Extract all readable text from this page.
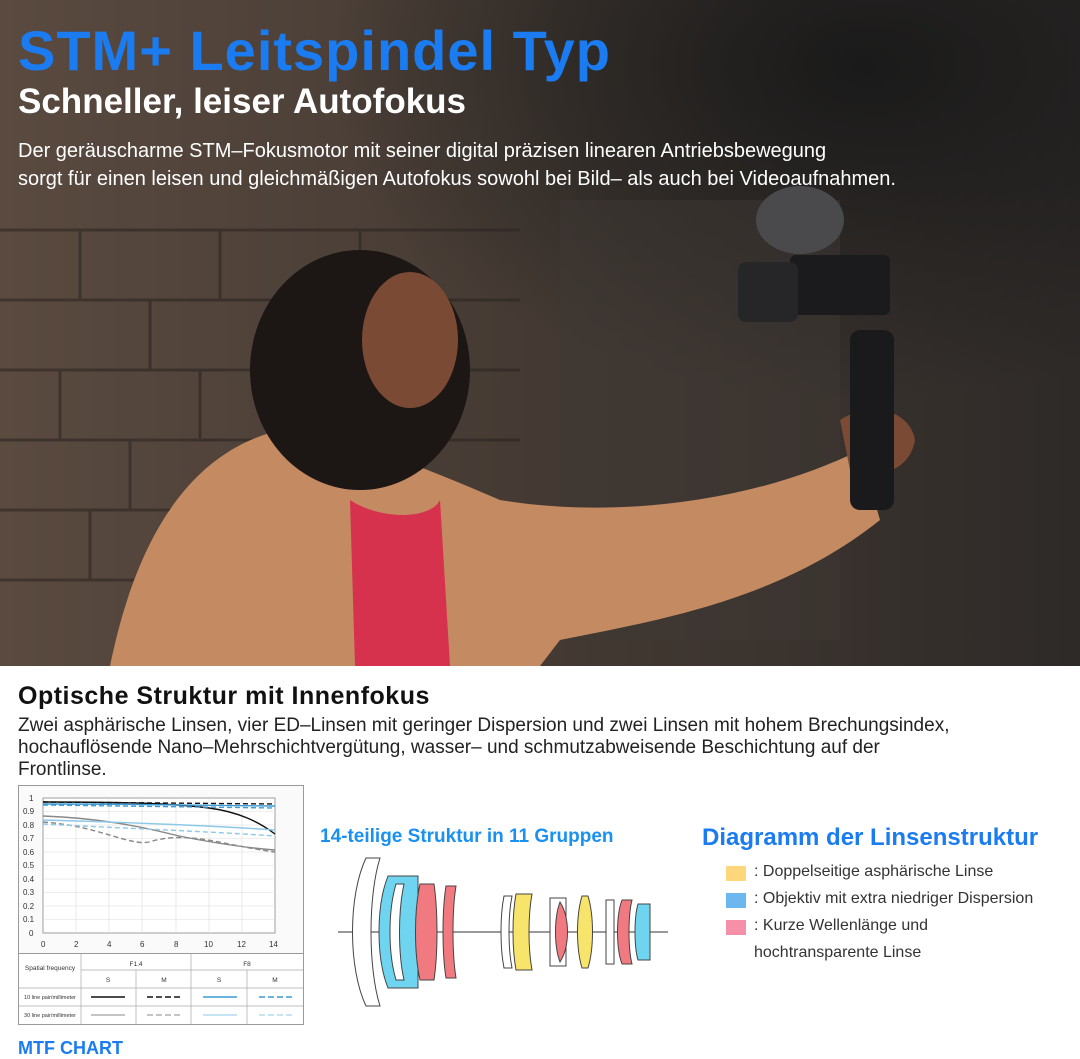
STM+ Leitspindel Typ
Schneller, leiser Autofokus

Der geräuscharme STM–Fokusmotor mit seiner digital präzisen linearen Antriebsbewegung
sorgt für einen leisen und gleichmäßigen Autofokus sowohl bei Bild– als auch bei Videoaufnahmen.

Optische Struktur mit Innenfokus

Zwei asphärische Linsen, vier ED–Linsen mit geringer Dispersion und zwei Linsen mit hohem Brechungsindex,
hochauflösende Nano–Mehrschichtvergütung, wasser– und schmutzabweisende Beschichtung auf der
Frontlinse.

1
0.9
0.8
0.7
0.6
0.5
0.4
0.3
0.2
0.1
0
0	2	4	6	8	10	12	14
Spatial frequency
F1.4	F8
S	M	S	M
10 line pair/millimeter
30 line pair/millimeter
MTF CHART
14-teilige Struktur in 11 Gruppen	Diagramm der Linsenstruktur
: Doppelseitige asphärische Linse
: Objektiv mit extra niedriger Dispersion
: Kurze Wellenlänge und
hochtransparente Linse
